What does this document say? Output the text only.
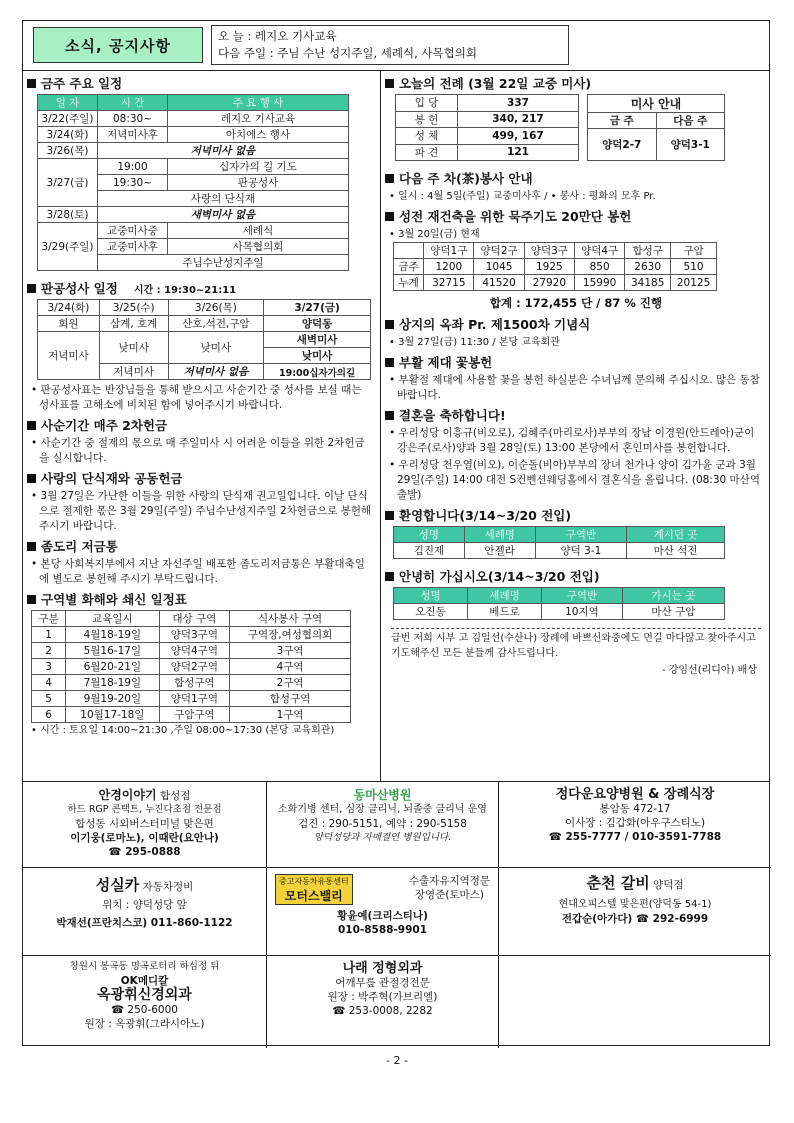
소식, 공지사항
오 늘 : 레지오 기사교육
다음 주일 : 주님 수난 성지주일, 세례식, 사목협의회
금주 주요 일정
일 자	시 간	주 요 행 사
3/22(주일)	08:30~	레지오 기사교육
3/24(화)	저녁미사후	아치에스 행사
3/26(목)	저녁미사 없음	
3/27(금)	19:00	십자가의 길 기도
	19:30~	판공성사
	사랑의 단식재	
3/28(토)	새벽미사 없음	
3/29(주일)	교중미사중	세례식
	교중미사후	사목협의회
	주님수난성지주일	
판공성사 일정 시간 : 19:30~21:11
3/24(화)	3/25(수)	3/26(목)	3/27(금)
회원	삼계, 호계	산호,석전,구암	양덕동
저녁미사	낮미사	낮미사	새벽미사
			낮미사
	저녁미사	저녁미사 없음	19:00십자가의길

• 판공성사표는 반장님들을 통해 받으시고 사순기간 중 성사를 보실 때는 성사표를 고해소에 비치된 함에 넣어주시기 바랍니다.

사순기간 매주 2차헌금

• 사순기간 중 절제의 몫으로 매 주일미사 시 어려운 이들을 위한 2차헌금을 실시합니다.

사랑의 단식재와 공동헌금

• 3월 27일은 가난한 이들을 위한 사랑의 단식재 권고일입니다. 이날 단식으로 절제한 몫은 3월 29일(주일) 주님수난성지주일 2차헌금으로 봉헌해 주시기 바랍니다.

좀도리 저금통

• 본당 사회복지부에서 지난 자선주일 배포한 좀도리저금통은 부활대축일에 별도로 봉헌해 주시기 부탁드립니다.

구역별 화해와 쇄신 일정표
구분	교육일시	대상 구역	식사봉사 구역
1	4월18-19일	양덕3구역	구역장,여성협의회
2	5월16-17일	양덕4구역	3구역
3	6월20-21일	양덕2구역	4구역
4	7월18-19일	합성구역	2구역
5	9월19-20일	양덕1구역	합성구역
6	10월17-18일	구암구역	1구역

• 시간 : 토요일 14:00~21:30 ,주일 08:00~17:30 (본당 교육회관)

오늘의 전례 (3월 22일 교중 미사)
입 당	337
봉 헌	340, 217
성 체	499, 167
파 견	121
미사 안내	
금 주	다음 주
양덕2-7	양덕3-1
다음 주 차(茶)봉사 안내

• 일시 : 4월 5일(주일) 교중미사후 / • 봉사 : 평화의 모후 Pr.

성전 재건축을 위한 묵주기도 20만단 봉헌
• 3월 20일(금) 현재
	양덕1구	양덕2구	양덕3구	양덕4구	합성구	구암
금주	1200	1045	1925	850	2630	510
누계	32715	41520	27920	15990	34185	20125
합계 : 172,455 단 / 87 % 진행
상지의 옥좌 Pr. 제1500차 기념식

• 3월 27일(금) 11:30 / 본당 교육회관

부활 제대 꽃봉헌

• 부활절 제대에 사용할 꽃을 봉헌 하실분은 수녀님께 문의해 주십시오. 많은 동참 바랍니다.

결혼을 축하합니다!

• 우리성당 이흥규(비오로), 김혜주(마리로사)부부의 장남 이경원(안드레아)군이 강은주(로사)양과 3월 28일(토) 13:00 본당에서 혼인미사를 봉헌합니다.

• 우리성당 천우열(비오), 이순돌(비아)부부의 장녀 천가나 양이 김가윤 군과 3월 29일(주일) 14:00 대전 S컨벤션웨딩홀에서 결혼식을 올립니다. (08:30 마산역 출발)

환영합니다(3/14~3/20 전입)
성명	세례명	구역반	계시던 곳
김진제	안젤라	양덕 3-1	마산 석전
안녕히 가십시오(3/14~3/20 전입)
성명	세례명	구역반	가시는 곳
오진동	베드로	10지역	마산 구암
급번 저희 시부 고 김일선(수산나) 장례에 바쁘신와중에도 먼길 마다않고 찾아주시고 기도해주신 모든 분들께 감사드립니다.
- 강임선(리디아) 배상
안경이야기 합성점
하드 RGP 콘택트, 누진다초점 전문점
합성동 시외버스터미널 맞은편
이기웅(로마노), 이때란(요안나)
☎ 295-0888
동마산병원
소화기병 센터, 심장 클리닉, 뇌졸중 클리닉 운영
검진 : 290-5151, 예약 : 290-5158
양덕성당과 자매결연 병원입니다.
정다운요양병원 & 장례식장
봉암동 472-17
이사장 : 김갑화(아우구스티노)
☎ 255-7777 / 010-3591-7788
성실카 자동차정비
위치 : 양덕성당 앞
박재선(프란치스코) 011-860-1122
중고자동차유통센터
모터스밸리
수출자유지역정문
장영준(토마스)
황윤예(크리스티나)
010-8588-9901
춘천 갈비 양덕점
현대오피스텔 맞은편(양덕동 54-1)
전갑순(아가다) ☎ 292-6999
창원시 봉곡동 명곡로터리 하심정 뒤
OK메디칼
옥광휘신경외과
☎ 250-6000
원장 : 옥광휘(그라시아노)
나래 정형외과
어깨무릎 관절경전문
원장 : 박주혁(가브리엘)
☎ 253-0008, 2282
- 2 -
